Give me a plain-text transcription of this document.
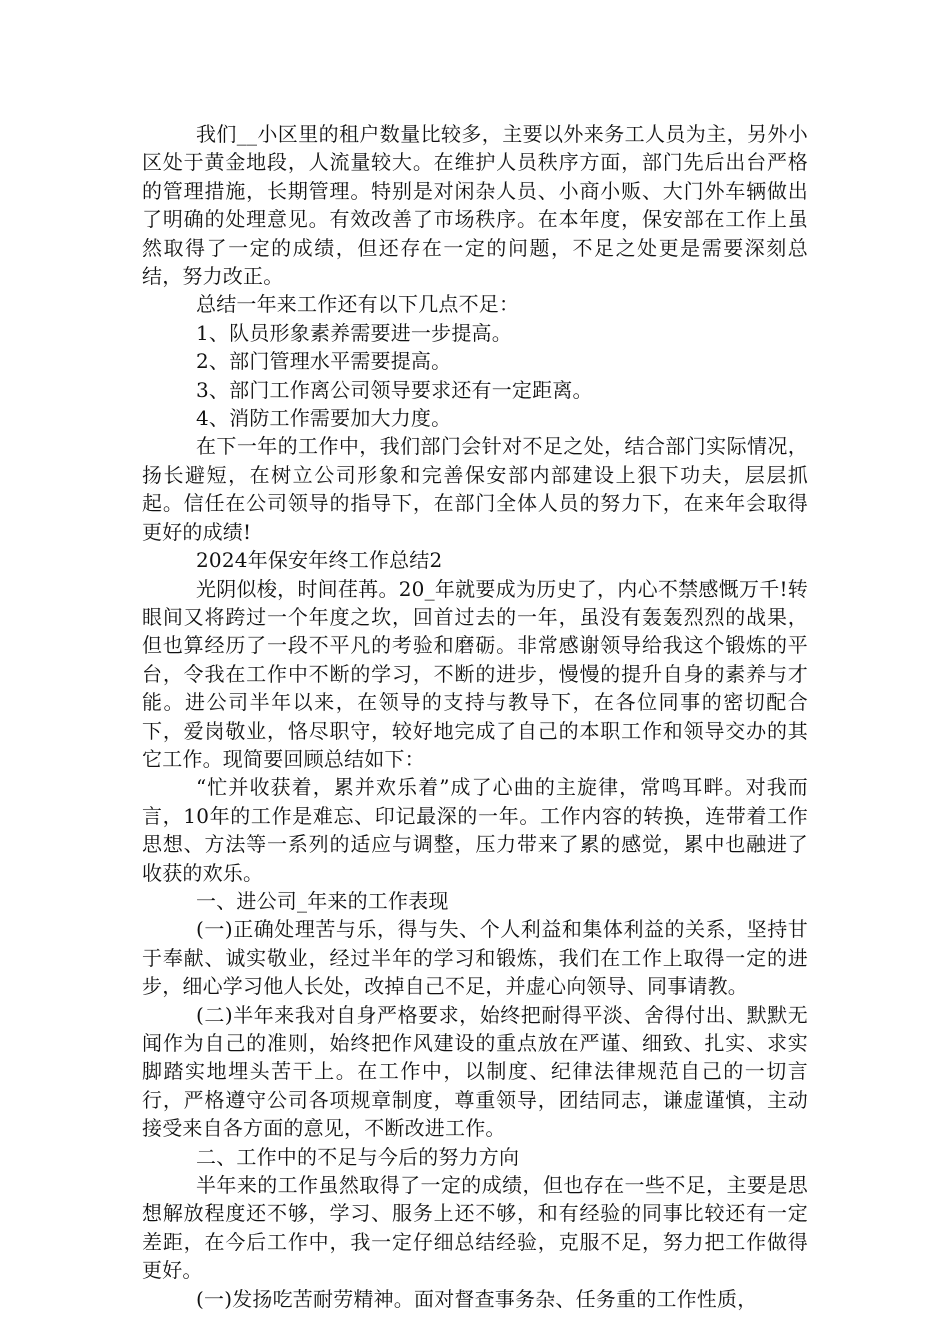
我们__小区里的租户数量比较多，主要以外来务工人员为主，另外小区处于黄金地段，人流量较大。在维护人员秩序方面，部门先后出台严格的管理措施，长期管理。特别是对闲杂人员、小商小贩、大门外车辆做出了明确的处理意见。有效改善了市场秩序。在本年度，保安部在工作上虽然取得了一定的成绩，但还存在一定的问题，不足之处更是需要深刻总结，努力改正。

总结一年来工作还有以下几点不足：

1、队员形象素养需要进一步提高。

2、部门管理水平需要提高。

3、部门工作离公司领导要求还有一定距离。

4、消防工作需要加大力度。

在下一年的工作中，我们部门会针对不足之处，结合部门实际情况，扬长避短，在树立公司形象和完善保安部内部建设上狠下功夫，层层抓起。信任在公司领导的指导下，在部门全体人员的努力下，在来年会取得更好的成绩!

2024年保安年终工作总结2

光阴似梭，时间荏苒。20_年就要成为历史了，内心不禁感慨万千!转眼间又将跨过一个年度之坎，回首过去的一年，虽没有轰轰烈烈的战果，但也算经历了一段不平凡的考验和磨砺。非常感谢领导给我这个锻炼的平台，令我在工作中不断的学习，不断的进步，慢慢的提升自身的素养与才能。进公司半年以来，在领导的支持与教导下，在各位同事的密切配合下，爱岗敬业，恪尽职守，较好地完成了自己的本职工作和领导交办的其它工作。现简要回顾总结如下：

“忙并收获着，累并欢乐着”成了心曲的主旋律，常鸣耳畔。对我而言，10年的工作是难忘、印记最深的一年。工作内容的转换，连带着工作思想、方法等一系列的适应与调整，压力带来了累的感觉，累中也融进了收获的欢乐。

一、进公司_年来的工作表现

(一)正确处理苦与乐，得与失、个人利益和集体利益的关系，坚持甘于奉献、诚实敬业，经过半年的学习和锻炼，我们在工作上取得一定的进步，细心学习他人长处，改掉自己不足，并虚心向领导、同事请教。

(二)半年来我对自身严格要求，始终把耐得平淡、舍得付出、默默无闻作为自己的准则，始终把作风建设的重点放在严谨、细致、扎实、求实脚踏实地埋头苦干上。在工作中，以制度、纪律法律规范自己的一切言行，严格遵守公司各项规章制度，尊重领导，团结同志，谦虚谨慎，主动接受来自各方面的意见，不断改进工作。

二、工作中的不足与今后的努力方向

半年来的工作虽然取得了一定的成绩，但也存在一些不足，主要是思想解放程度还不够，学习、服务上还不够，和有经验的同事比较还有一定差距，在今后工作中，我一定仔细总结经验，克服不足，努力把工作做得更好。

(一)发扬吃苦耐劳精神。面对督查事务杂、任务重的工作性质，
